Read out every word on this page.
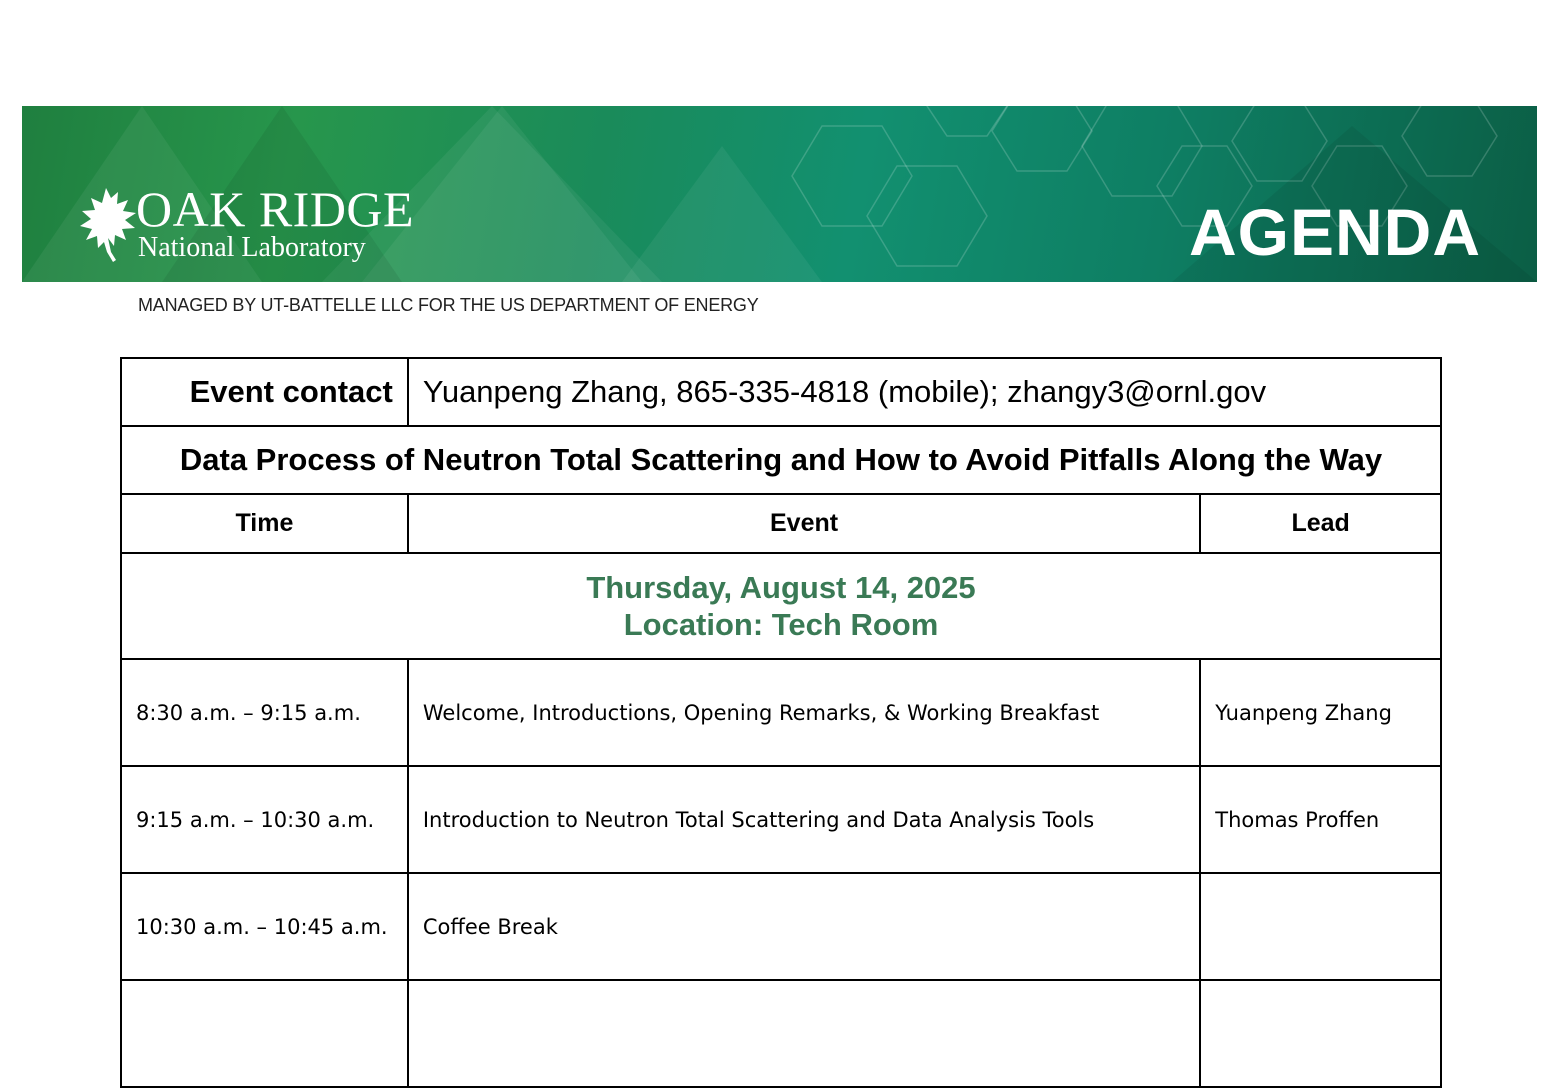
OAK RIDGE
National Laboratory	AGENDA
MANAGED BY UT-BATTELLE LLC FOR THE US DEPARTMENT OF ENERGY
Event contact	Yuanpeng Zhang, 865-335-4818 (mobile); zhangy3@ornl.gov	
Data Process of Neutron Total Scattering and How to Avoid Pitfalls Along the Way		
Time	Event	Lead

Thursday, August 14, 2025
Location: Tech Room		

8:30 a.m. – 9:15 a.m.	Welcome, Introductions, Opening Remarks, & Working Breakfast	Yuanpeng Zhang
9:15 a.m. – 10:30 a.m.	Introduction to Neutron Total Scattering and Data Analysis Tools	Thomas Proffen
10:30 a.m. – 10:45 a.m.	Coffee Break	
